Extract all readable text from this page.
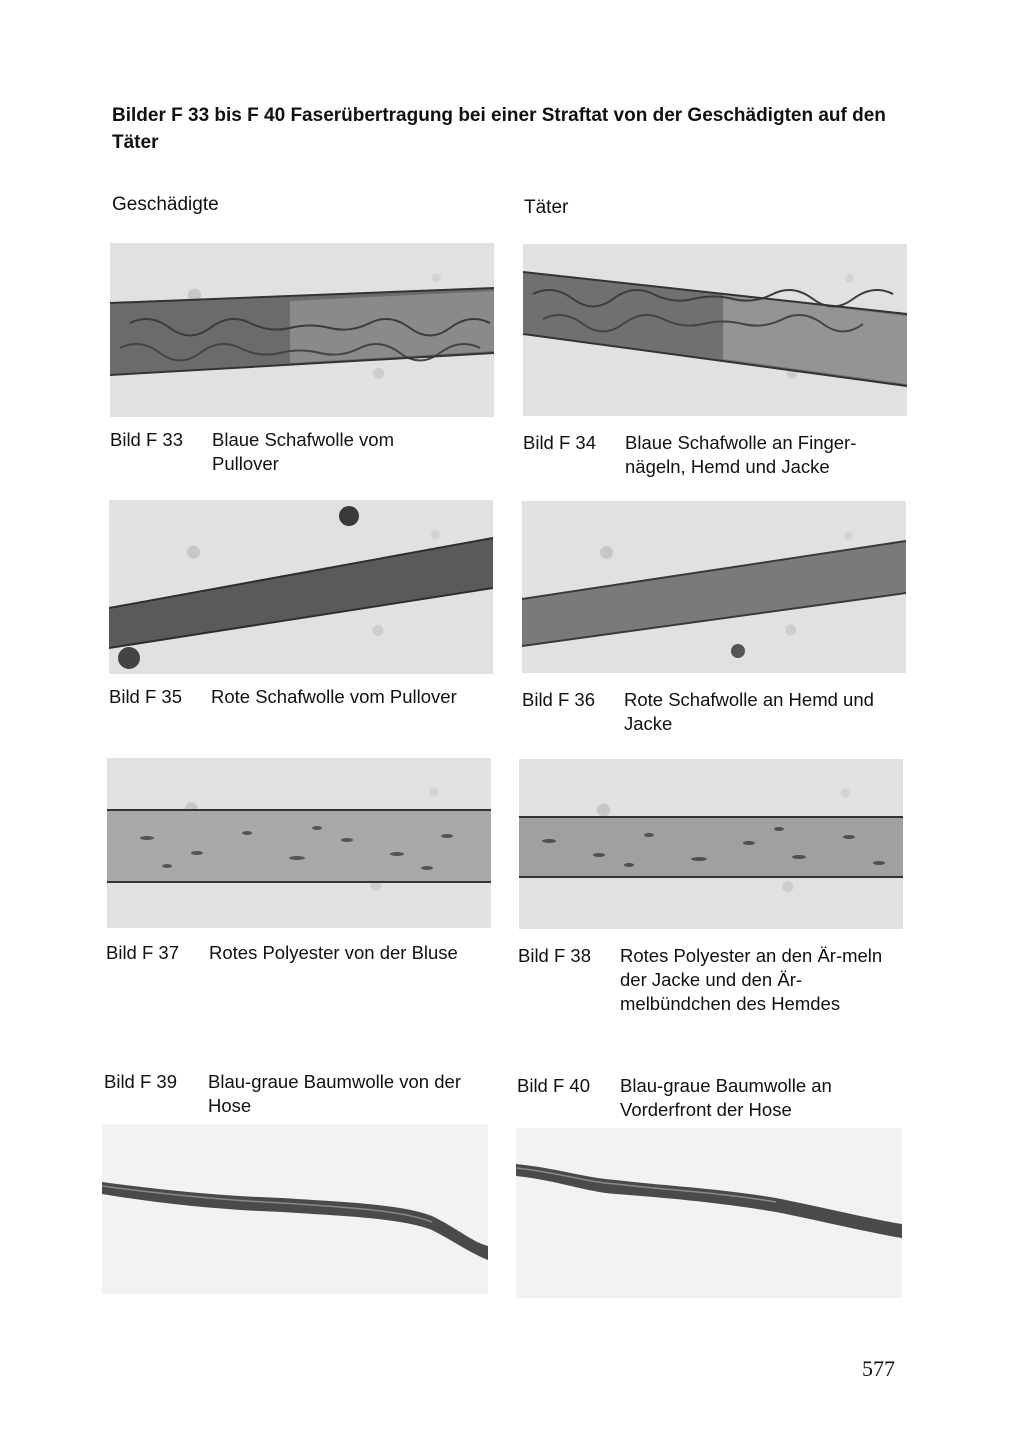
Bilder F 33 bis F 40 Faserübertragung bei einer Straftat von der Geschädigten auf den Täter
Geschädigte	Täter
Bild F 33 Blaue Schafwolle vom Pullover
Bild F 34 Blaue Schafwolle an Finger-nägeln, Hemd und Jacke
Bild F 35 Rote Schafwolle vom Pullover	Bild F 36 Rote Schafwolle an Hemd und Jacke
Bild F 37 Rotes Polyester von der Bluse	Bild F 38 Rotes Polyester an den Är-meln der Jacke und den Är-melbündchen des Hemdes
Bild F 39 Blau-graue Baumwolle von der Hose
Bild F 40 Blau-graue Baumwolle an Vorderfront der Hose
577
